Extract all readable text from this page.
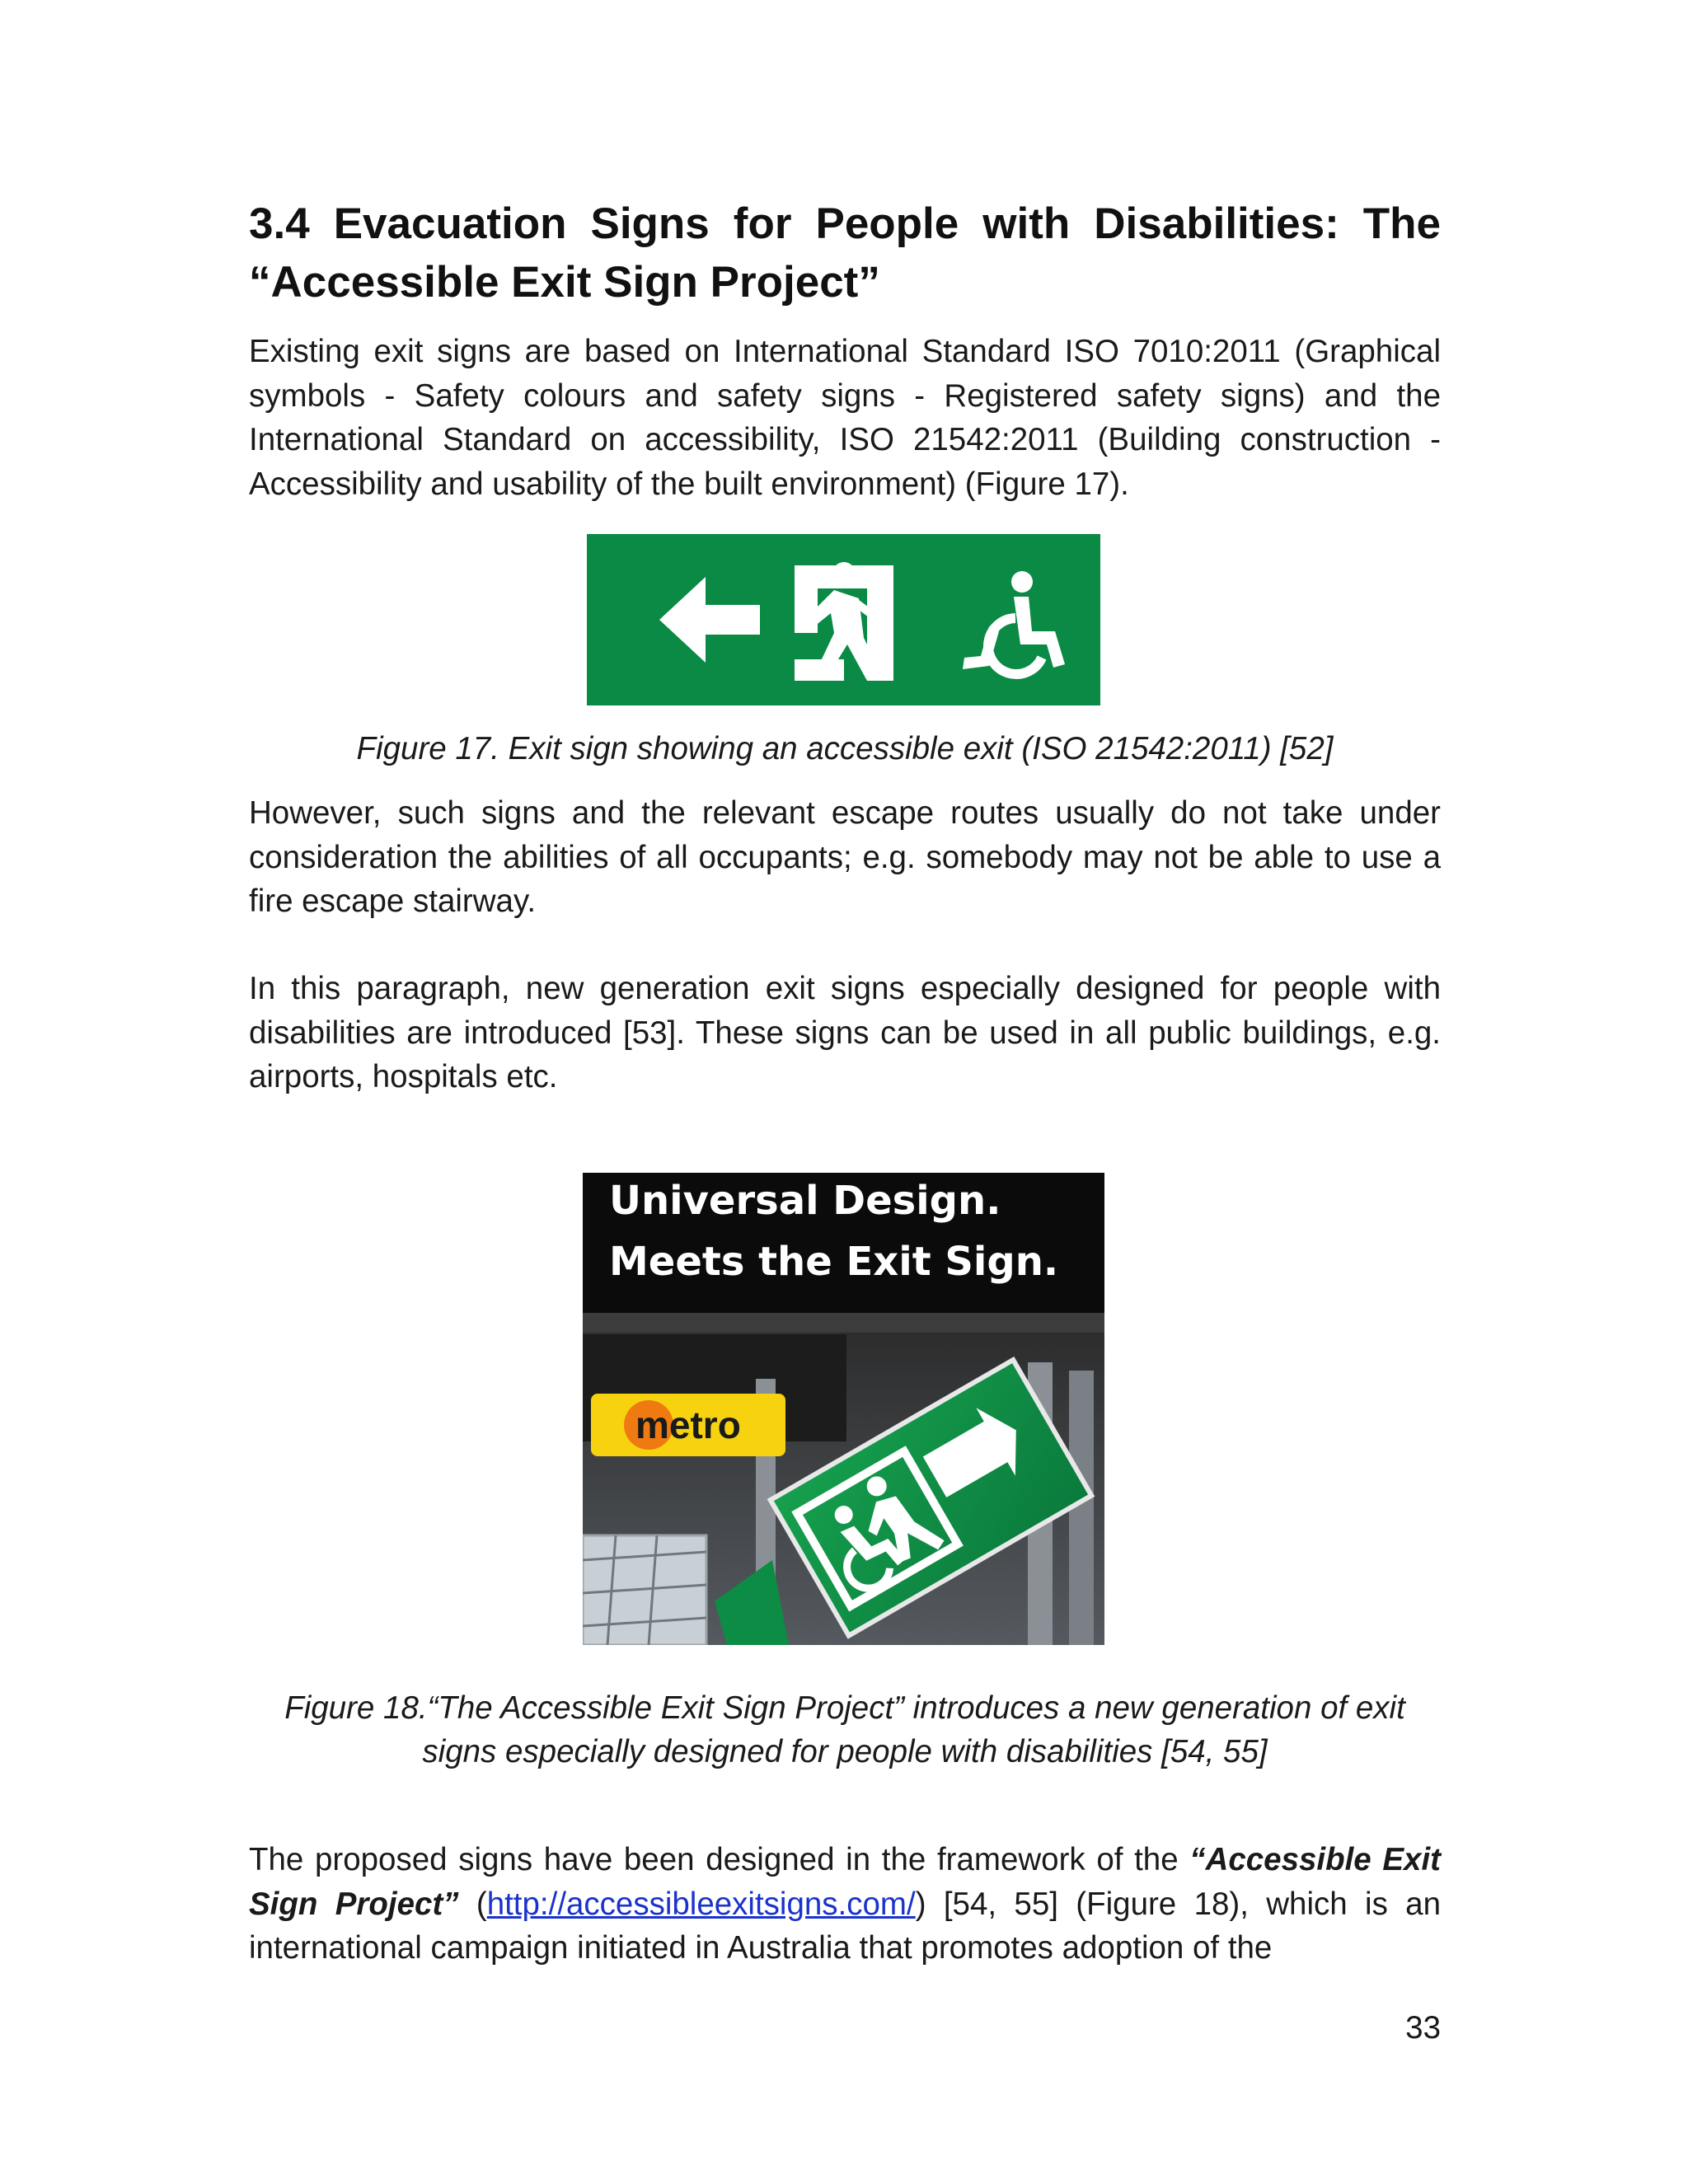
3.4 Evacuation Signs for People with Disabilities: The “Accessible Exit Sign Project”

Existing exit signs are based on International Standard ISO 7010:2011 (Graphical symbols - Safety colours and safety signs - Registered safety signs) and the International Standard on accessibility, ISO 21542:2011 (Building construction - Accessibility and usability of the built environment) (Figure 17).

Figure 17. Exit sign showing an accessible exit (ISO 21542:2011) [52]

However, such signs and the relevant escape routes usually do not take under consideration the abilities of all occupants; e.g. somebody may not be able to use a fire escape stairway.

In this paragraph, new generation exit signs especially designed for people with disabilities are introduced [53]. These signs can be used in all public buildings, e.g. airports, hospitals etc.

metro
Universal Design.
Meets the Exit Sign.

Figure 18.“The Accessible Exit Sign Project” introduces a new generation of exit

signs especially designed for people with disabilities [54, 55]

The proposed signs have been designed in the framework of the “Accessible Exit Sign Project” (http://accessibleexitsigns.com/) [54, 55] (Figure 18), which is an international campaign initiated in Australia that promotes adoption of the

33
